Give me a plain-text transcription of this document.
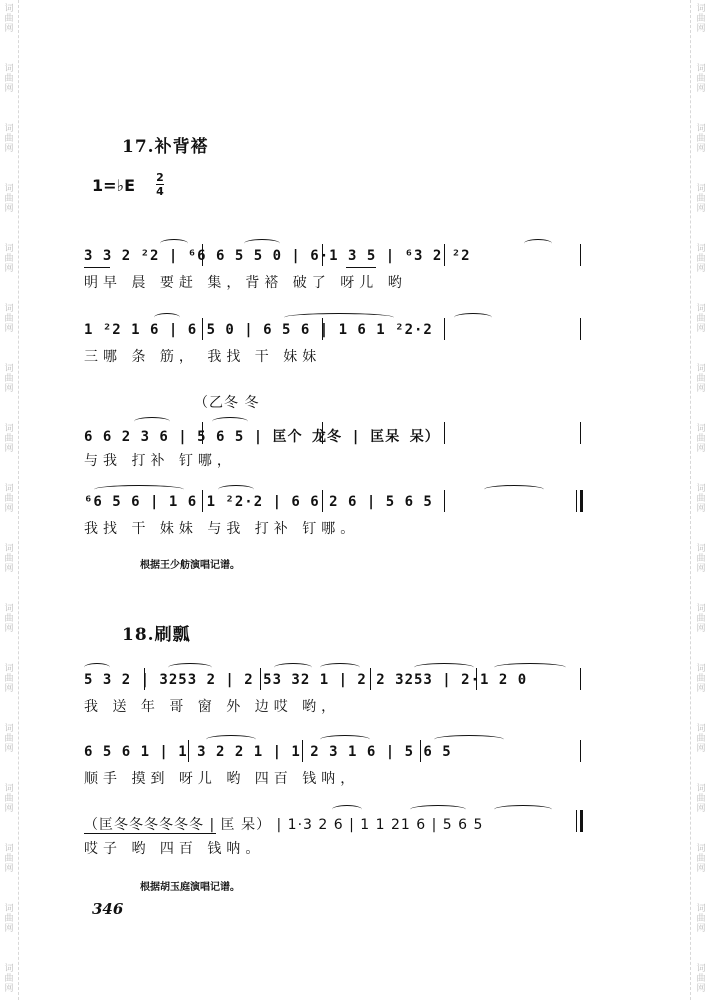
17.补背褡
1=♭E 2
4
3 3 2 ²2 | ⁶6 6 5 5 0 | 6·1 3 5 | ⁶3 2 ²2
明早 晨 要赶 集，背褡 破了 呀儿 哟
1 ²2 1 6 | 6 5 0 | 6 5 6 | 1 6 1 ²2·2
三哪 条 筋， 我找 干 妹妹
（乙冬 冬
6 6 2 3 6 | 5 6 5 | 匡个 龙冬 | 匡呆 呆）
与我 打补 钉哪，
⁶6 5 6 | 1 6 1 ²2·2 | 6 6 2 6 | 5 6 5
我找 干 妹妹 与我 打补 钉哪。
根据王少舫演唱记谱。
18.刷瓢
5 3 2 | 3253 2 | 2 53 32 1 | 2 2 3253 | 2·1 2 0
我 送 年 哥 窗 外 边哎 哟，
6 5 6 1 | 1 3 2 2 1 | 1 2 3 1 6 | 5 6 5
顺手 摸到 呀儿 哟 四百 钱呐，
（匡冬冬冬冬冬冬 | 匡 呆） | 1·3 2 6 | 1 1 21 6 | 5 6 5
哎子 哟 四百 钱呐。
根据胡玉庭演唱记谱。
346
词
曲
网
词
曲
网
词
曲
网
词
曲
网
词
曲
网
词
曲
网
词
曲
网
词
曲
网
词
曲
网
词
曲
网
词
曲
网
词
曲
网
词
曲
网
词
曲
网
词
曲
网
词
曲
网
词
曲
网
词
曲
网
词
曲
网
词
曲
网
词
曲
网
词
曲
网
词
曲
网
词
曲
网
词
曲
网
词
曲
网
词
曲
网
词
曲
网
词
曲
网
词
曲
网
词
曲
网
词
曲
网
词
曲
网
词
曲
网
